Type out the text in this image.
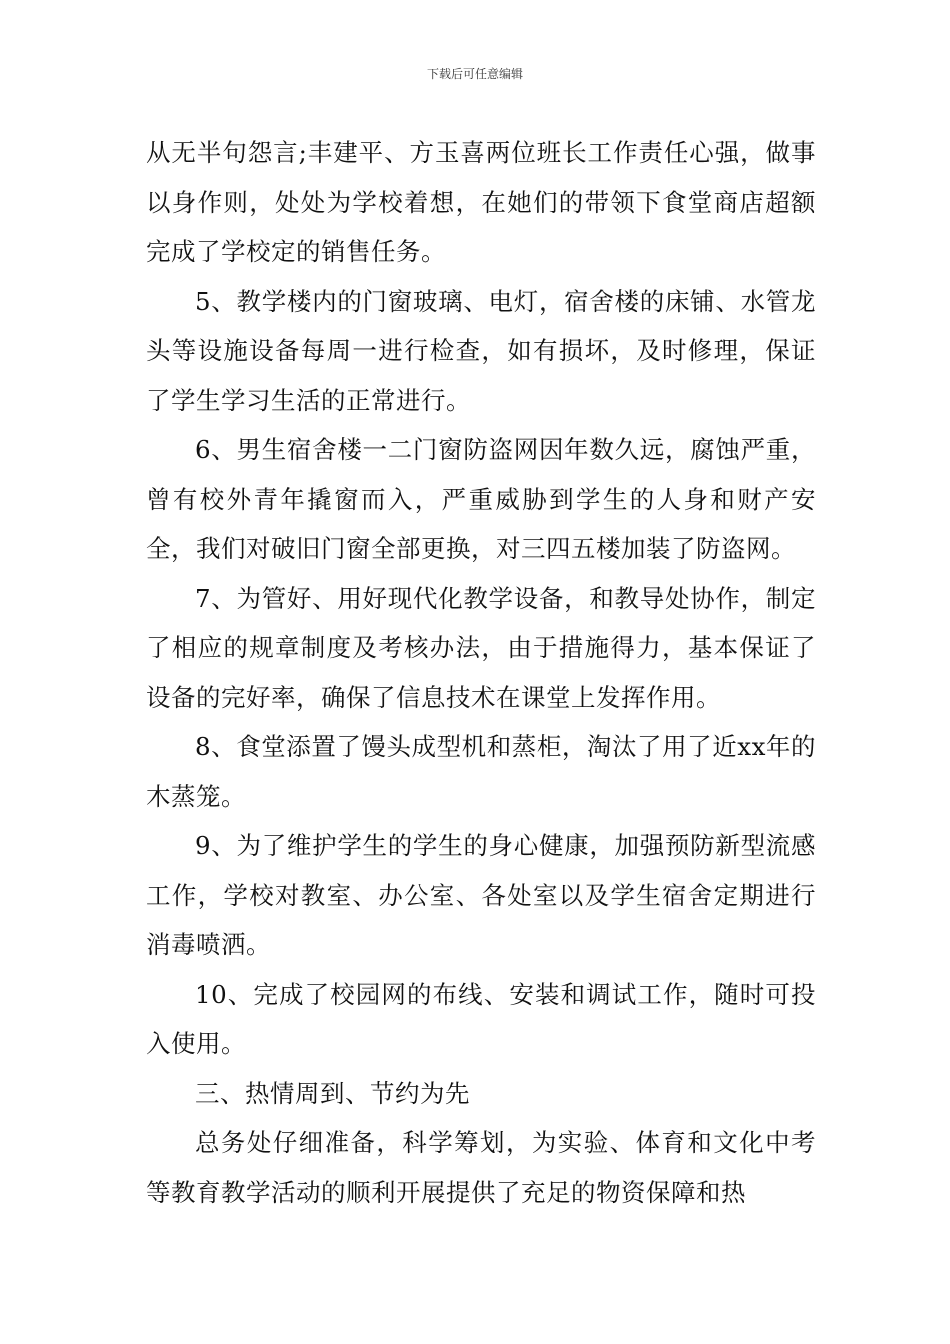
下载后可任意编辑

从无半句怨言;丰建平、方玉喜两位班长工作责任心强，做事以身作则，处处为学校着想，在她们的带领下食堂商店超额完成了学校定的销售任务。

5、教学楼内的门窗玻璃、电灯，宿舍楼的床铺、水管龙头等设施设备每周一进行检查，如有损坏，及时修理，保证了学生学习生活的正常进行。

6、男生宿舍楼一二门窗防盗网因年数久远，腐蚀严重，曾有校外青年撬窗而入，严重威胁到学生的人身和财产安全，我们对破旧门窗全部更换，对三四五楼加装了防盗网。

7、为管好、用好现代化教学设备，和教导处协作，制定了相应的规章制度及考核办法，由于措施得力，基本保证了设备的完好率，确保了信息技术在课堂上发挥作用。

8、食堂添置了馒头成型机和蒸柜，淘汰了用了近xx年的木蒸笼。

9、为了维护学生的学生的身心健康，加强预防新型流感工作，学校对教室、办公室、各处室以及学生宿舍定期进行消毒喷洒。

10、完成了校园网的布线、安装和调试工作，随时可投入使用。

三、热情周到、节约为先

总务处仔细准备，科学筹划，为实验、体育和文化中考等教育教学活动的顺利开展提供了充足的物资保障和热
